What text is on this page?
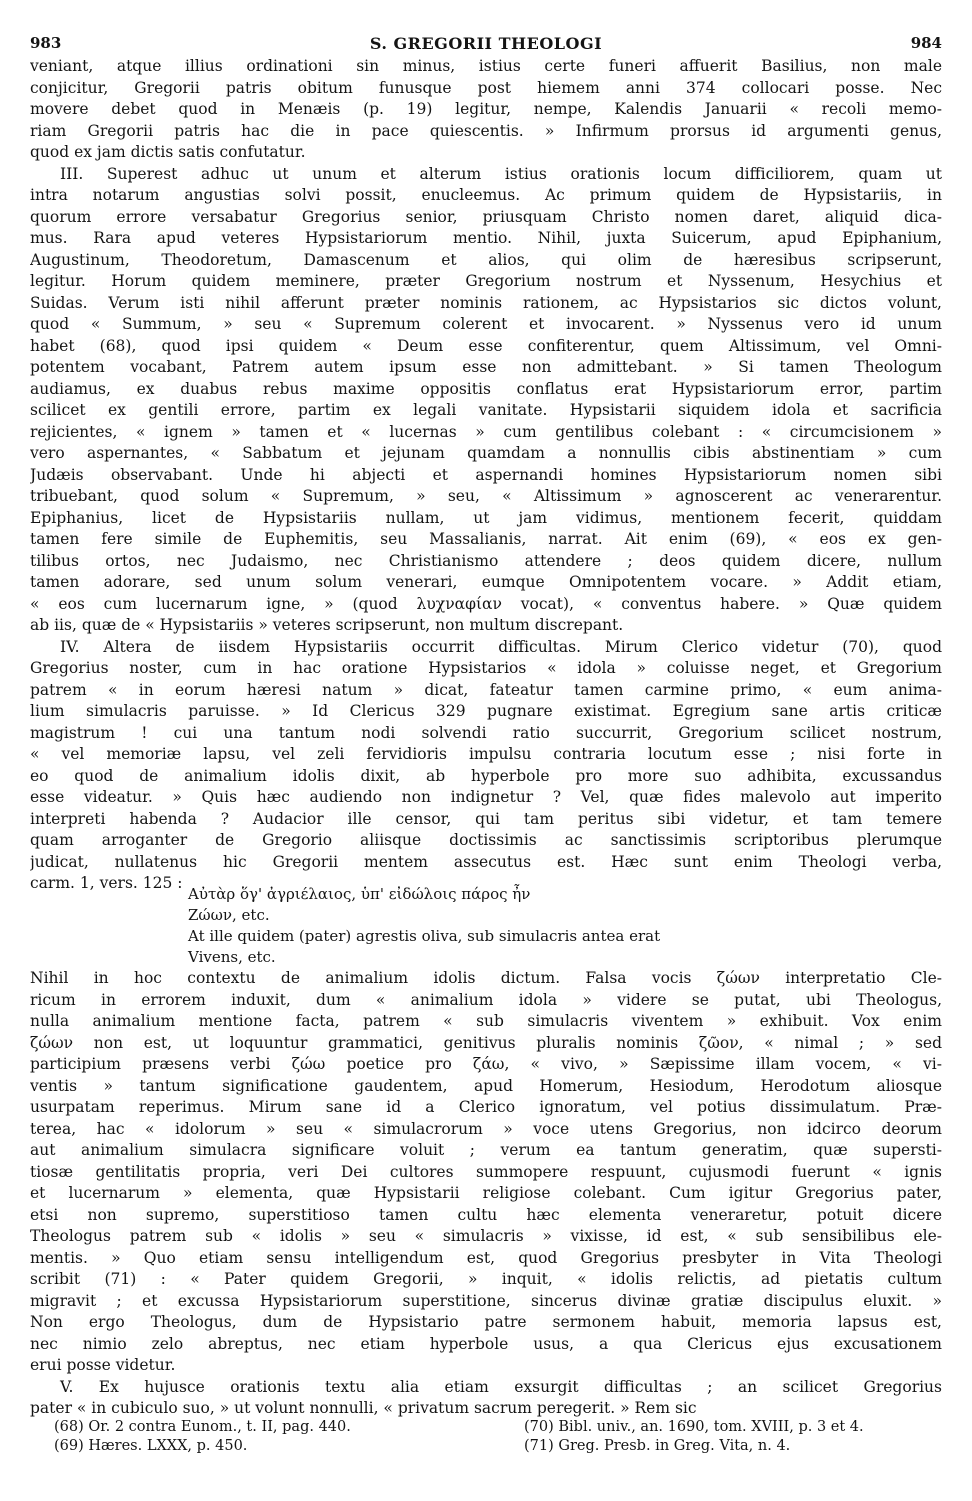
983	S. GREGORII THEOLOGI	984
veniant, atque illius ordinationi sin minus, istius certe funeri affuerit Basilius, non male
conjicitur, Gregorii patris obitum funusque post hiemem anni 374 collocari posse. Nec
movere debet quod in Menæis (p. 19) legitur, nempe, Kalendis Januarii « recoli memo-
riam Gregorii patris hac die in pace quiescentis. » Infirmum prorsus id argumenti genus,
quod ex jam dictis satis confutatur.
III. Superest adhuc ut unum et alterum istius orationis locum difficiliorem, quam ut
intra notarum angustias solvi possit, enucleemus. Ac primum quidem de Hypsistariis, in
quorum errore versabatur Gregorius senior, priusquam Christo nomen daret, aliquid dica-
mus. Rara apud veteres Hypsistariorum mentio. Nihil, juxta Suicerum, apud Epiphanium,
Augustinum, Theodoretum, Damascenum et alios, qui olim de hæresibus scripserunt,
legitur. Horum quidem meminere, præter Gregorium nostrum et Nyssenum, Hesychius et
Suidas. Verum isti nihil afferunt præter nominis rationem, ac Hypsistarios sic dictos volunt,
quod « Summum, » seu « Supremum colerent et invocarent. » Nyssenus vero id unum
habet (68), quod ipsi quidem « Deum esse confiterentur, quem Altissimum, vel Omni-
potentem vocabant, Patrem autem ipsum esse non admittebant. » Si tamen Theologum
audiamus, ex duabus rebus maxime oppositis conflatus erat Hypsistariorum error, partim
scilicet ex gentili errore, partim ex legali vanitate. Hypsistarii siquidem idola et sacrificia
rejicientes, « ignem » tamen et « lucernas » cum gentilibus colebant : « circumcisionem »
vero aspernantes, « Sabbatum et jejunam quamdam a nonnullis cibis abstinentiam » cum
Judæis observabant. Unde hi abjecti et aspernandi homines Hypsistariorum nomen sibi
tribuebant, quod solum « Supremum, » seu, « Altissimum » agnoscerent ac venerarentur.
Epiphanius, licet de Hypsistariis nullam, ut jam vidimus, mentionem fecerit, quiddam
tamen fere simile de Euphemitis, seu Massalianis, narrat. Ait enim (69), « eos ex gen-
tilibus ortos, nec Judaismo, nec Christianismo attendere ; deos quidem dicere, nullum
tamen adorare, sed unum solum venerari, eumque Omnipotentem vocare. » Addit etiam,
« eos cum lucernarum igne, » (quod λυχναφίαν vocat), « conventus habere. » Quæ quidem
ab iis, quæ de « Hypsistariis » veteres scripserunt, non multum discrepant.
IV. Altera de iisdem Hypsistariis occurrit difficultas. Mirum Clerico videtur (70), quod
Gregorius noster, cum in hac oratione Hypsistarios « idola » coluisse neget, et Gregorium
patrem « in eorum hæresi natum » dicat, fateatur tamen carmine primo, « eum anima-
lium simulacris paruisse. » Id Clericus 329 pugnare existimat. Egregium sane artis criticæ
magistrum ! cui una tantum nodi solvendi ratio succurrit, Gregorium scilicet nostrum,
« vel memoriæ lapsu, vel zeli fervidioris impulsu contraria locutum esse ; nisi forte in
eo quod de animalium idolis dixit, ab hyperbole pro more suo adhibita, excussandus
esse videatur. » Quis hæc audiendo non indignetur ? Vel, quæ fides malevolo aut imperito
interpreti habenda ? Audacior ille censor, qui tam peritus sibi videtur, et tam temere
quam arroganter de Gregorio aliisque doctissimis ac sanctissimis scriptoribus plerumque
judicat, nullatenus hic Gregorii mentem assecutus est. Hæc sunt enim Theologi verba,
carm. 1, vers. 125 :
Αὐτὰρ ὅγ' ἀγριέλαιος, ὑπ' εἰδώλοις πάρος ἦν
Ζώων, etc.
At ille quidem (pater) agrestis oliva, sub simulacris antea erat
Vivens, etc.
Nihil in hoc contextu de animalium idolis dictum. Falsa vocis ζώων interpretatio Cle-
ricum in errorem induxit, dum « animalium idola » videre se putat, ubi Theologus,
nulla animalium mentione facta, patrem « sub simulacris viventem » exhibuit. Vox enim
ζώων non est, ut loquuntur grammatici, genitivus pluralis nominis ζῶον, « nimal ; » sed
participium præsens verbi ζώω poetice pro ζάω, « vivo, » Sæpissime illam vocem, « vi-
ventis » tantum significatione gaudentem, apud Homerum, Hesiodum, Herodotum aliosque
usurpatam reperimus. Mirum sane id a Clerico ignoratum, vel potius dissimulatum. Præ-
terea, hac « idolorum » seu « simulacrorum » voce utens Gregorius, non idcirco deorum
aut animalium simulacra significare voluit ; verum ea tantum generatim, quæ supersti-
tiosæ gentilitatis propria, veri Dei cultores summopere respuunt, cujusmodi fuerunt « ignis
et lucernarum » elementa, quæ Hypsistarii religiose colebant. Cum igitur Gregorius pater,
etsi non supremo, superstitioso tamen cultu hæc elementa veneraretur, potuit dicere
Theologus patrem sub « idolis » seu « simulacris » vixisse, id est, « sub sensibilibus ele-
mentis. » Quo etiam sensu intelligendum est, quod Gregorius presbyter in Vita Theologi
scribit (71) : « Pater quidem Gregorii, » inquit, « idolis relictis, ad pietatis cultum
migravit ; et excussa Hypsistariorum superstitione, sincerus divinæ gratiæ discipulus eluxit. »
Non ergo Theologus, dum de Hypsistario patre sermonem habuit, memoria lapsus est,
nec nimio zelo abreptus, nec etiam hyperbole usus, a qua Clericus ejus excusationem
erui posse videtur.
V. Ex hujusce orationis textu alia etiam exsurgit difficultas ; an scilicet Gregorius
pater « in cubiculo suo, » ut volunt nonnulli, « privatum sacrum peregerit. » Rem sic
(68) Or. 2 contra Eunom., t. II, pag. 440.
(69) Hæres. LXXX, p. 450.
(70) Bibl. univ., an. 1690, tom. XVIII, p. 3 et 4.
(71) Greg. Presb. in Greg. Vita, n. 4.
